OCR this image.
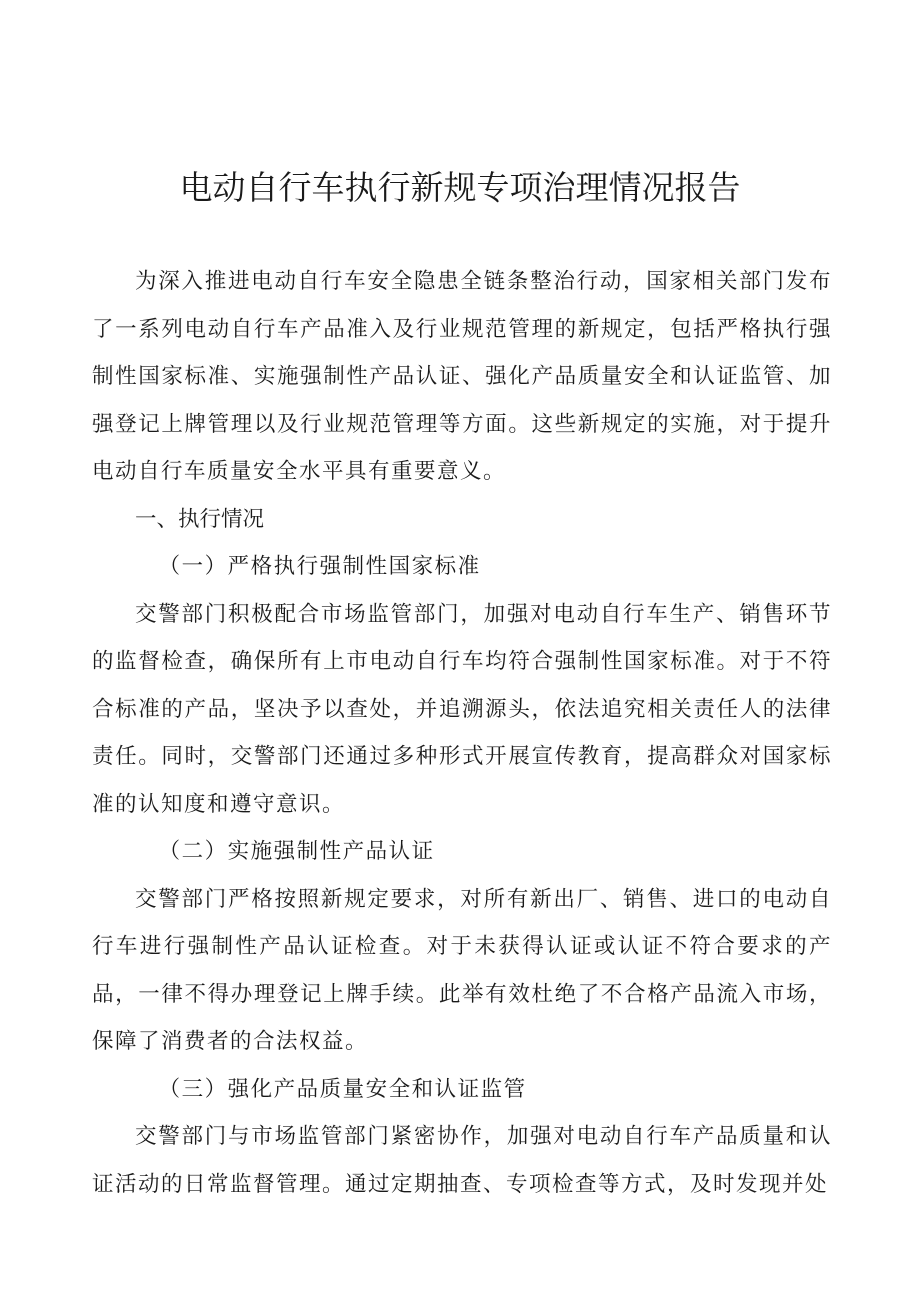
电动自行车执行新规专项治理情况报告

为深入推进电动自行车安全隐患全链条整治行动，国家相关部门发布了一系列电动自行车产品准入及行业规范管理的新规定，包括严格执行强制性国家标准、实施强制性产品认证、强化产品质量安全和认证监管、加强登记上牌管理以及行业规范管理等方面。这些新规定的实施，对于提升电动自行车质量安全水平具有重要意义。

一、执行情况
（一）严格执行强制性国家标准

交警部门积极配合市场监管部门，加强对电动自行车生产、销售环节的监督检查，确保所有上市电动自行车均符合强制性国家标准。对于不符合标准的产品，坚决予以查处，并追溯源头，依法追究相关责任人的法律责任。同时，交警部门还通过多种形式开展宣传教育，提高群众对国家标准的认知度和遵守意识。

（二）实施强制性产品认证

交警部门严格按照新规定要求，对所有新出厂、销售、进口的电动自行车进行强制性产品认证检查。对于未获得认证或认证不符合要求的产品，一律不得办理登记上牌手续。此举有效杜绝了不合格产品流入市场，保障了消费者的合法权益。

（三）强化产品质量安全和认证监管

交警部门与市场监管部门紧密协作，加强对电动自行车产品质量和认证活动的日常监督管理。通过定期抽查、专项检查等方式，及时发现并处
